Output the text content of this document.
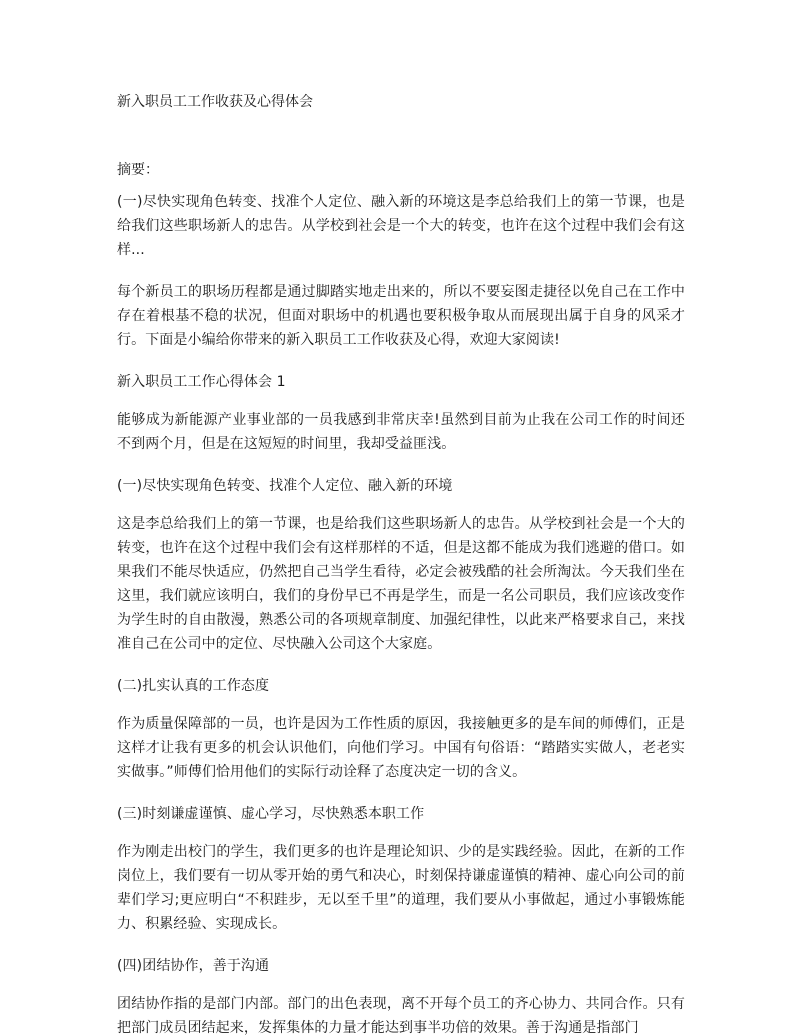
新入职员工工作收获及心得体会
摘要：

(一)尽快实现角色转变、找准个人定位、融入新的环境这是李总给我们上的第一节课，也是给我们这些职场新人的忠告。从学校到社会是一个大的转变，也许在这个过程中我们会有这样...

每个新员工的职场历程都是通过脚踏实地走出来的，所以不要妄图走捷径以免自己在工作中存在着根基不稳的状况，但面对职场中的机遇也要积极争取从而展现出属于自身的风采才行。下面是小编给你带来的新入职员工工作收获及心得，欢迎大家阅读!

新入职员工工作心得体会 1

能够成为新能源产业事业部的一员我感到非常庆幸!虽然到目前为止我在公司工作的时间还不到两个月，但是在这短短的时间里，我却受益匪浅。

(一)尽快实现角色转变、找准个人定位、融入新的环境

这是李总给我们上的第一节课，也是给我们这些职场新人的忠告。从学校到社会是一个大的转变，也许在这个过程中我们会有这样那样的不适，但是这都不能成为我们逃避的借口。如果我们不能尽快适应，仍然把自己当学生看待，必定会被残酷的社会所淘汰。今天我们坐在这里，我们就应该明白，我们的身份早已不再是学生，而是一名公司职员，我们应该改变作为学生时的自由散漫，熟悉公司的各项规章制度、加强纪律性，以此来严格要求自己，来找准自己在公司中的定位、尽快融入公司这个大家庭。

(二)扎实认真的工作态度

作为质量保障部的一员，也许是因为工作性质的原因，我接触更多的是车间的师傅们，正是这样才让我有更多的机会认识他们，向他们学习。中国有句俗语：“踏踏实实做人，老老实实做事。”师傅们恰用他们的实际行动诠释了态度决定一切的含义。

(三)时刻谦虚谨慎、虚心学习，尽快熟悉本职工作

作为刚走出校门的学生，我们更多的也许是理论知识、少的是实践经验。因此，在新的工作岗位上，我们要有一切从零开始的勇气和决心，时刻保持谦虚谨慎的精神、虚心向公司的前辈们学习;更应明白“不积跬步，无以至千里”的道理，我们要从小事做起，通过小事锻炼能力、积累经验、实现成长。

(四)团结协作，善于沟通

团结协作指的是部门内部。部门的出色表现，离不开每个员工的齐心协力、共同合作。只有把部门成员团结起来，发挥集体的力量才能达到事半功倍的效果。善于沟通是指部门
